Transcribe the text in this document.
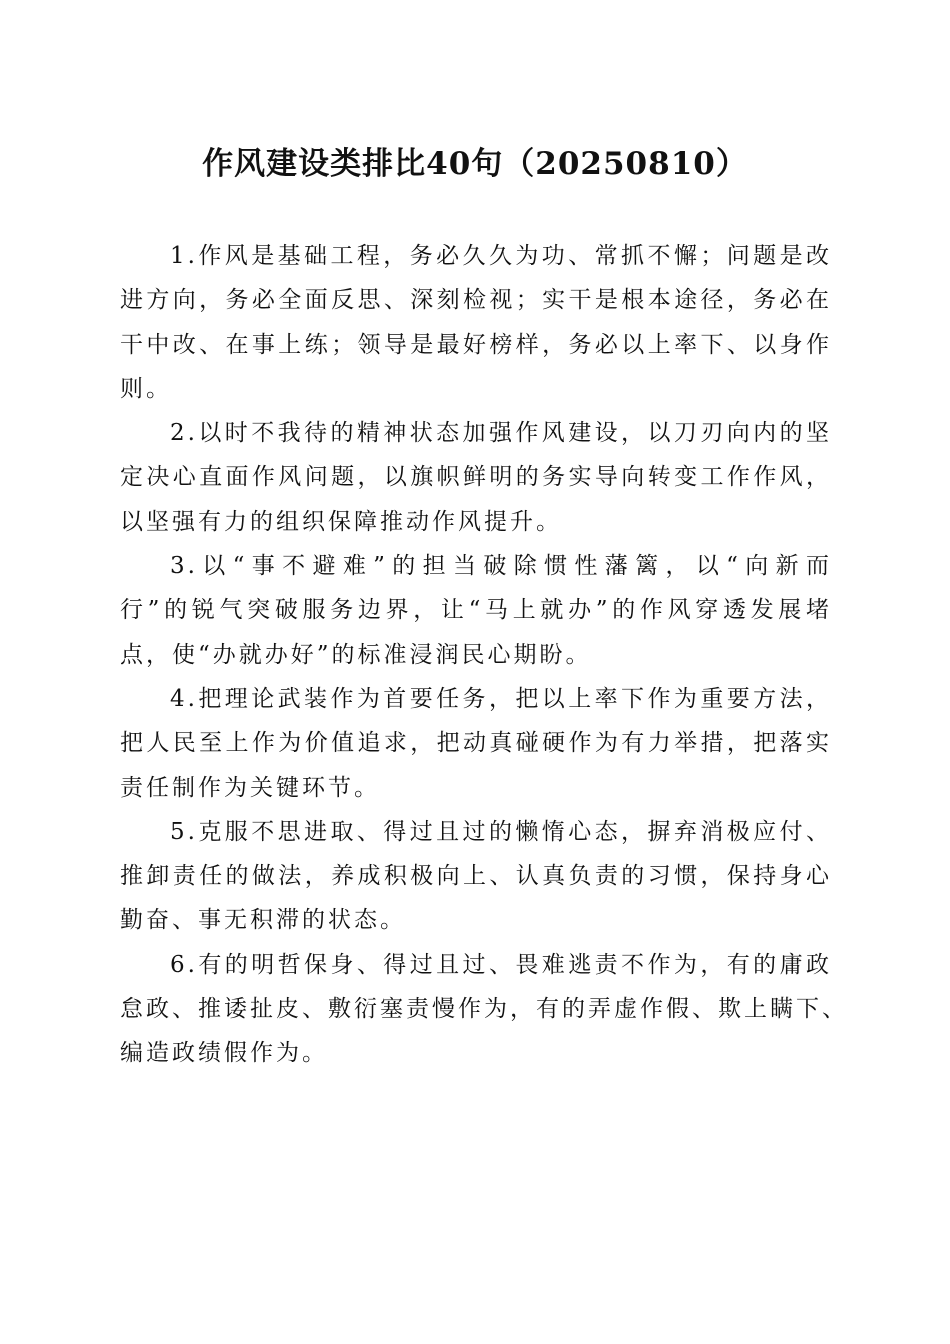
作风建设类排比40句（20250810）
1.作风是基础工程，务必久久为功、常抓不懈；问题是改
进方向，务必全面反思、深刻检视；实干是根本途径，务必在
干中改、在事上练；领导是最好榜样，务必以上率下、以身作
则。
2.以时不我待的精神状态加强作风建设，以刀刃向内的坚
定决心直面作风问题，以旗帜鲜明的务实导向转变工作作风，
以坚强有力的组织保障推动作风提升。
3.以“事不避难”的担当破除惯性藩篱，以“向新而
行”的锐气突破服务边界，让“马上就办”的作风穿透发展堵
点，使“办就办好”的标准浸润民心期盼。
4.把理论武装作为首要任务，把以上率下作为重要方法，
把人民至上作为价值追求，把动真碰硬作为有力举措，把落实
责任制作为关键环节。
5.克服不思进取、得过且过的懒惰心态，摒弃消极应付、
推卸责任的做法，养成积极向上、认真负责的习惯，保持身心
勤奋、事无积滞的状态。
6.有的明哲保身、得过且过、畏难逃责不作为，有的庸政
怠政、推诿扯皮、敷衍塞责慢作为，有的弄虚作假、欺上瞒下、
编造政绩假作为。
